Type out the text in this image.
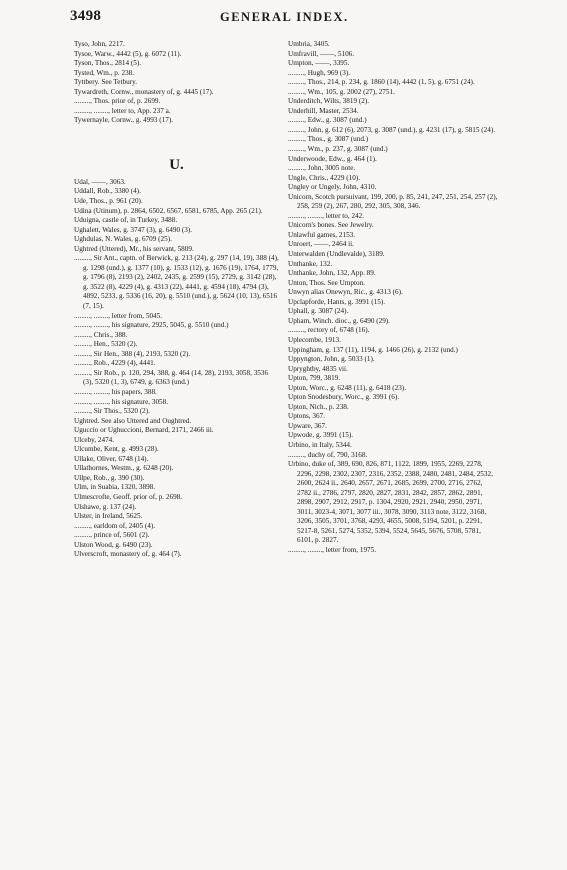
3498	GENERAL INDEX.
Tyso, John, 2217.
Tysoe, Warw., 4442 (5), g. 6072 (11).
Tyson, Thos., 2814 (5).
Tysted, Wm., p. 238.
Tyttbery. See Tetbury.
Tywardreth, Cornw., monastery of, g. 4445 (17).
........., Thos. prior of, p. 2699.
........., ........, letter to, App. 237 a.
Tywernayle, Cornw., g. 4993 (17).
U.
Udal, ——, 3063.
Uddall, Rob., 3380 (4).
Ude, Thos., p. 961 (20).
Udina (Utinum), p. 2864, 6502, 6567, 6581, 6785, App. 265 (21).
Uduigna, castle of, in Turkey, 3488.
Ughalett, Wales, g. 3747 (3), g. 6490 (3).
Ughdulas, N. Wales, g. 6709 (25).
Ughtred (Uttered), Mr., his servant, 5809.
........., Sir Ant., captn. of Berwick, g. 213 (24), g. 297 (14, 19), 388 (4), g. 1298 (und.), g. 1377 (10), g. 1533 (12), g. 1676 (19), 1764, 1779, g. 1796 (8), 2193 (2), 2402, 2435, g. 2599 (15), 2729, g. 3142 (28), g. 3522 (8), 4229 (4), g. 4313 (22), 4441, g. 4594 (18), 4794 (3), 4892, 5233, g. 5336 (16, 20), g. 5510 (und.), g. 5624 (10, 13), 6516 (7, 15).
........., ........, letter from, 5045.
........., ........, his signature, 2925, 5045, g. 5510 (und.)
........., Chris., 388.
........., Hen., 5320 (2).
........., Sir Hen., 388 (4), 2193, 5320 (2).
........., Rob., 4229 (4), 4441.
........., Sir Rob., p. 120, 294, 388, g. 464 (14, 28), 2193, 3058, 3536 (3), 5320 (1, 3), 6749, g. 6363 (und.)
........., ........, his papers, 388.
........., ........, his signature, 3058.
........., Sir Thos., 5320 (2).
Ughtred. See also Uttered and Oughtred.
Uguccio or Ughuccioni, Bernard, 2171, 2466 iii.
Ulceby, 2474.
Ulcumbe, Kent, g. 4993 (28).
Ullake, Oliver, 6748 (14).
Ullathornes, Westm., g. 6248 (20).
Ullpe, Rob., g. 390 (30).
Ulm, in Suabia, 1320, 3898.
Ulmescrofte, Geoff. prior of, p. 2698.
Ulshawe, g. 137 (24).
Ulster, in Ireland, 5625.
........., earldom of, 2405 (4).
........., prince of, 5601 (2).
Ulston Wood, g. 6490 (23).
Ulverscroft, monastery of, g. 464 (7).
Umbria, 3405.
Umfravill, ——, 5106.
Umpton, ——, 3395.
........., Hugh, 969 (3).
........., Thos., 214, p. 234, g. 1860 (14), 4442 (1, 5), g. 6751 (24).
........., Wm., 105, g. 2002 (27), 2751.
Underditch, Wilts, 3819 (2).
Underhill, Master, 2534.
........., Edw., g. 3087 (und.)
........., John, g. 612 (6), 2073, g. 3087 (und.), g. 4231 (17), g. 5815 (24).
........., Thos., g. 3087 (und.)
........., Wm., p. 237, g. 3087 (und.)
Underwoode, Edw., g. 464 (1).
........., John, 3005 note.
Ungle, Chris., 4229 (10).
Ungley or Ungely, John, 4310.
Unicorn, Scotch pursuivant, 199, 200, p. 85, 241, 247, 251, 254, 257 (2), 258, 259 (2), 267, 280, 292, 305, 308, 346.
........., ........, letter to, 242.
Unicorn's bones. See Jewelry.
Unlawful games, 2153.
Unroert, ——, 2464 ii.
Unterwalden (Undlevalde), 3189.
Unthanke, 132.
Unthanke, John, 132, App. 89.
Unton, Thos. See Umpton.
Unwyn alias Onewyn, Ric., g. 4313 (6).
Upclapforde, Hants, g. 3991 (15).
Uphall, g. 3087 (24).
Upham, Winch. dioc., g. 6490 (29).
........., rectory of, 6748 (16).
Uplecombe, 1913.
Uppingham, g. 137 (11), 1194, g. 1466 (26), g. 2132 (und.)
Uppyngton, John, g. 5033 (1).
Upryghtby, 4835 vii.
Upton, 799, 3819.
Upton, Worc., g. 6248 (11), g. 6418 (23).
Upton Snodesbury, Worc., g. 3991 (6).
Upton, Nich., p. 238.
Uptons, 367.
Upware, 367.
Upwode, g. 3991 (15).
Urbino, in Italy, 5344.
........., duchy of, 790, 3168.
Urbino, duke of, 389, 690, 826, 871, 1122, 1899, 1955, 2269, 2278, 2296, 2298, 2302, 2307, 2316, 2352, 2388, 2480, 2481, 2484, 2532, 2600, 2624 ii., 2640, 2657, 2671, 2685, 2699, 2700, 2716, 2762, 2782 ii., 2786, 2797, 2820, 2827, 2831, 2842, 2857, 2862, 2891, 2898, 2907, 2912, 2917, p. 1304, 2920, 2921, 2940, 2950, 2971, 3011, 3023-4, 3071, 3077 iii., 3078, 3090, 3113 note, 3122, 3168, 3206, 3505, 3701, 3768, 4293, 4655, 5008, 5194, 5201, p. 2291, 5217-8, 5261, 5274, 5352, 5394, 5524, 5645, 5676, 5708, 5781, 6101, p. 2827.
........., ........, letter from, 1975.
